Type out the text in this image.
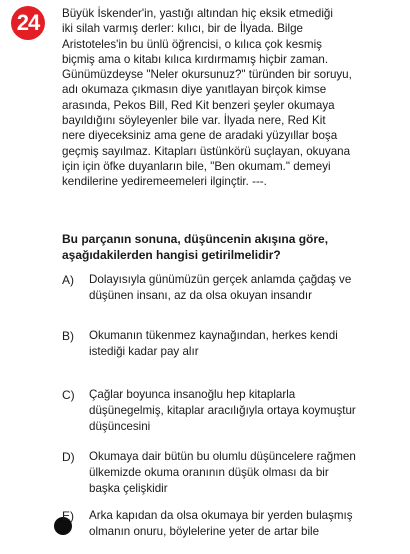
24	Büyük İskender'in, yastığı altından hiç eksik etmediği
iki silah varmış derler: kılıcı, bir de İlyada. Bilge
Aristoteles'in bu ünlü öğrencisi, o kılıca çok kesmiş
biçmiş ama o kitabı kılıca kırdırmamış hiçbir zaman.
Günümüzdeyse "Neler okursunuz?" türünden bir soruyu,
adı okumaza çıkmasın diye yanıtlayan birçok kimse
arasında, Pekos Bill, Red Kit benzeri şeyler okumaya
bayıldığını söyleyenler bile var. İlyada nere, Red Kit
nere diyeceksiniz ama gene de aradaki yüzyıllar boşa
geçmiş sayılmaz. Kitapları üstünkörü suçlayan, okuyana
için için öfke duyanların bile, "Ben okumam." demeyi
kendilerine yediremeemeleri ilginçtir. ---.
Bu parçanın sonuna, düşüncenin akışına göre,
aşağıdakilerden hangisi getirilmelidir?
A)	Dolayısıyla günümüzün gerçek anlamda çağdaş ve
düşünen insanı, az da olsa okuyan insandır
B)	Okumanın tükenmez kaynağından, herkes kendi
istediği kadar pay alır
C)	Çağlar boyunca insanoğlu hep kitaplarla
düşünegelmiş, kitaplar aracılığıyla ortaya koymuştur
düşüncesini
D)	Okumaya dair bütün bu olumlu düşüncelere rağmen
ülkemizde okuma oranının düşük olması da bir
başka çelişkidir
E)	Arka kapıdan da olsa okumaya bir yerden bulaşmış
olmanın onuru, böylelerine yeter de artar bile
